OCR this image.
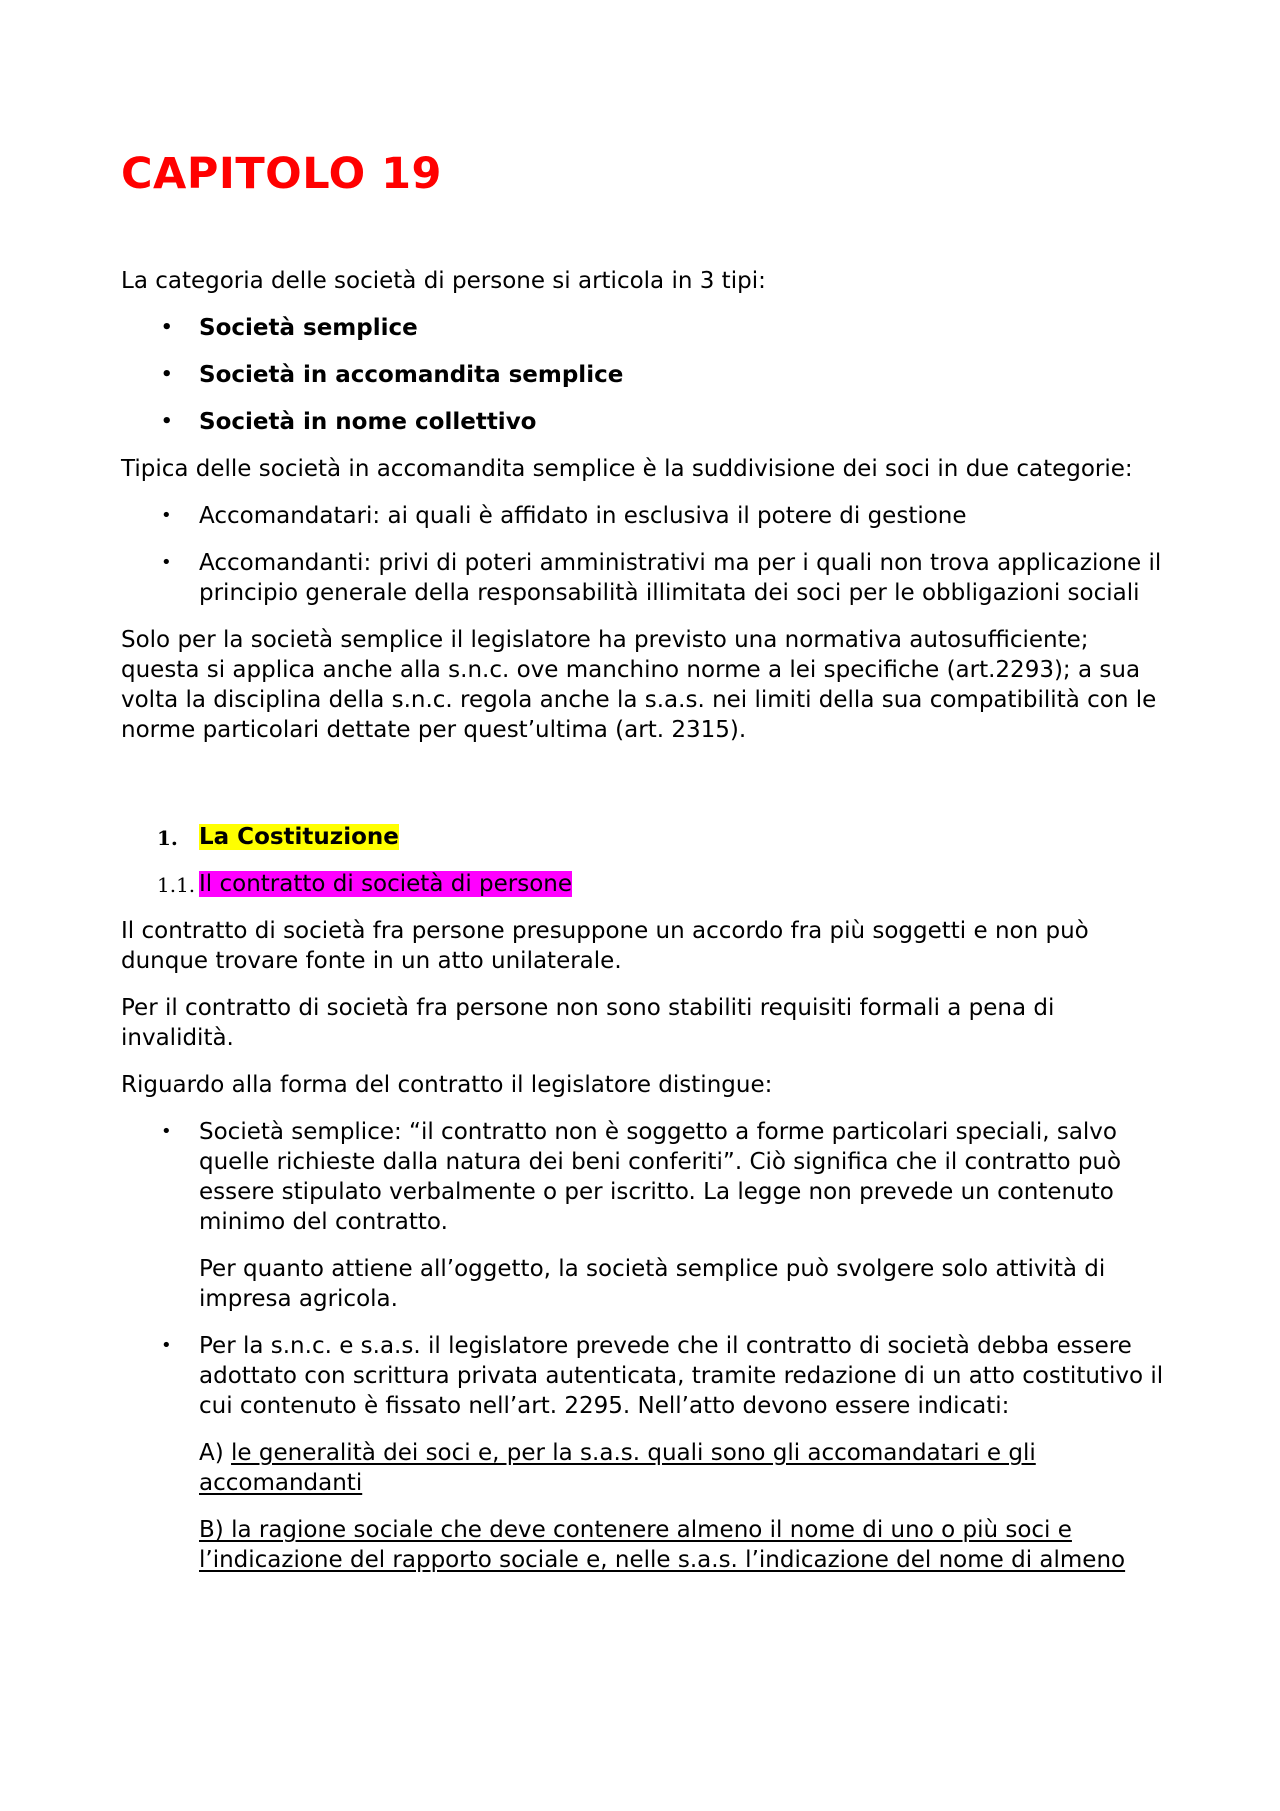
CAPITOLO 19

La categoria delle società di persone si articola in 3 tipi:

• Società semplice
• Società in accomandita semplice
• Società in nome collettivo

Tipica delle società in accomandita semplice è la suddivisione dei soci in due categorie:

• Accomandatari: ai quali è affidato in esclusiva il potere di gestione
• Accomandanti: privi di poteri amministrativi ma per i quali non trova applicazione il principio generale della responsabilità illimitata dei soci per le obbligazioni sociali

Solo per la società semplice il legislatore ha previsto una normativa autosufficiente; questa si applica anche alla s.n.c. ove manchino norme a lei specifiche (art.2293); a sua volta la disciplina della s.n.c. regola anche la s.a.s. nei limiti della sua compatibilità con le norme particolari dettate per quest’ultima (art. 2315).

1. La Costituzione
1.1. Il contratto di società di persone

Il contratto di società fra persone presuppone un accordo fra più soggetti e non può dunque trovare fonte in un atto unilaterale.

Per il contratto di società fra persone non sono stabiliti requisiti formali a pena di invalidità.

Riguardo alla forma del contratto il legislatore distingue:

• Società semplice: “il contratto non è soggetto a forme particolari speciali, salvo quelle richieste dalla natura dei beni conferiti”. Ciò significa che il contratto può essere stipulato verbalmente o per iscritto. La legge non prevede un contenuto minimo del contratto.

Per quanto attiene all’oggetto, la società semplice può svolgere solo attività di impresa agricola.

• Per la s.n.c. e s.a.s. il legislatore prevede che il contratto di società debba essere adottato con scrittura privata autenticata, tramite redazione di un atto costitutivo il cui contenuto è fissato nell’art. 2295. Nell’atto devono essere indicati:

A) le generalità dei soci e, per la s.a.s. quali sono gli accomandatari e gli accomandanti

B) la ragione sociale che deve contenere almeno il nome di uno o più soci e l’indicazione del rapporto sociale e, nelle s.a.s. l’indicazione del nome di almeno
